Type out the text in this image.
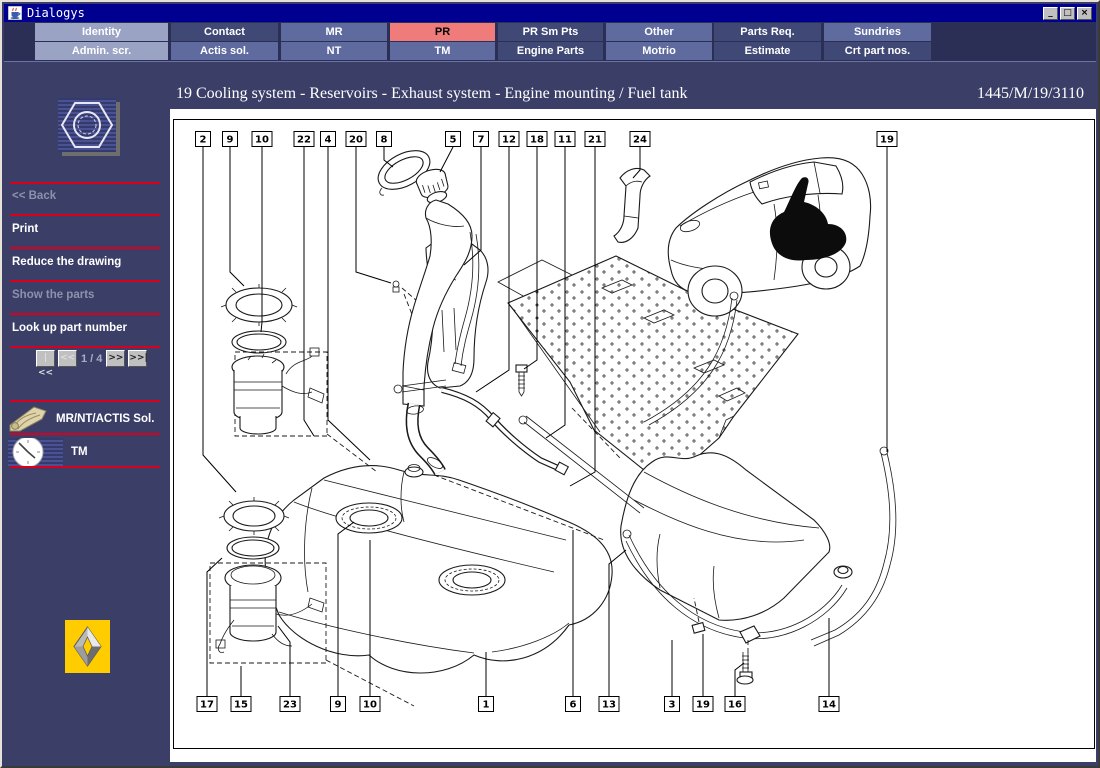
Dialogys	_	□ ×
Identity	Contact	MR	PR	PR Sm Pts	Other	Parts Req.	Sundries
Admin. scr.	Actis sol.	NT	TM	Engine Parts	Motrio	Estimate	Crt part nos.
19 Cooling system - Reservoirs - Exhaust system - Engine mounting / Fuel tank	1445/M/19/3110
<< Back
Print
Reduce the drawing
Show the parts
Look up part number
|<<
<< 1 / 4 >> >>|
MR/NT/ACTIS Sol.
TM
2 9 10	22 4 20 8	5 7 12 18 11 21	24	19
17 15	23	9 10	1	6	13	3 19 16	14
